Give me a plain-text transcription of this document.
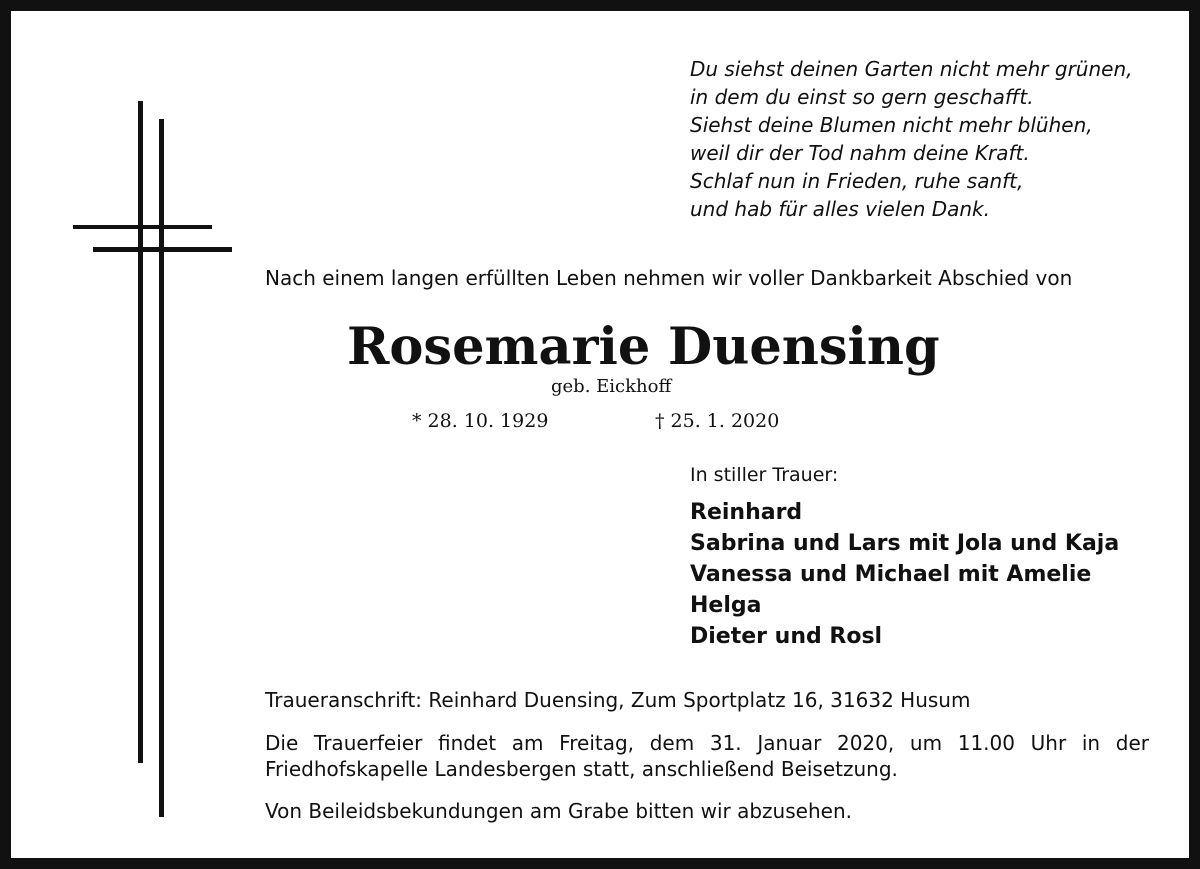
Du siehst deinen Garten nicht mehr grünen,
in dem du einst so gern geschafft.
Siehst deine Blumen nicht mehr blühen,
weil dir der Tod nahm deine Kraft.
Schlaf nun in Frieden, ruhe sanft,
und hab für alles vielen Dank.
Nach einem langen erfüllten Leben nehmen wir voller Dankbarkeit Abschied von
Rosemarie Duensing
geb. Eickhoff
* 28. 10. 1929	† 25. 1. 2020
In stiller Trauer:
Reinhard
Sabrina und Lars mit Jola und Kaja
Vanessa und Michael mit Amelie
Helga
Dieter und Rosl
Traueranschrift: Reinhard Duensing, Zum Sportplatz 16, 31632 Husum
Die Trauerfeier findet am Freitag, dem 31. Januar 2020, um 11.00 Uhr in der
Friedhofskapelle Landesbergen statt, anschließend Beisetzung.
Von Beileidsbekundungen am Grabe bitten wir abzusehen.
